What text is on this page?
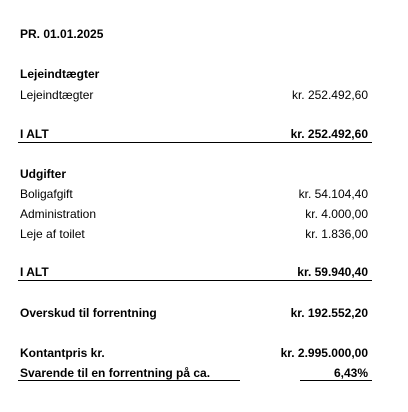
PR. 01.01.2025
Lejeindtægter
Lejeindtægter	kr. 252.492,60
I ALT	kr. 252.492,60
Udgifter
Boligafgift	kr. 54.104,40
Administration	kr. 4.000,00
Leje af toilet	kr. 1.836,00
I ALT	kr. 59.940,40
Overskud til forrentning	kr. 192.552,20
Kontantpris kr.	kr. 2.995.000,00
Svarende til en forrentning på ca.	6,43%
